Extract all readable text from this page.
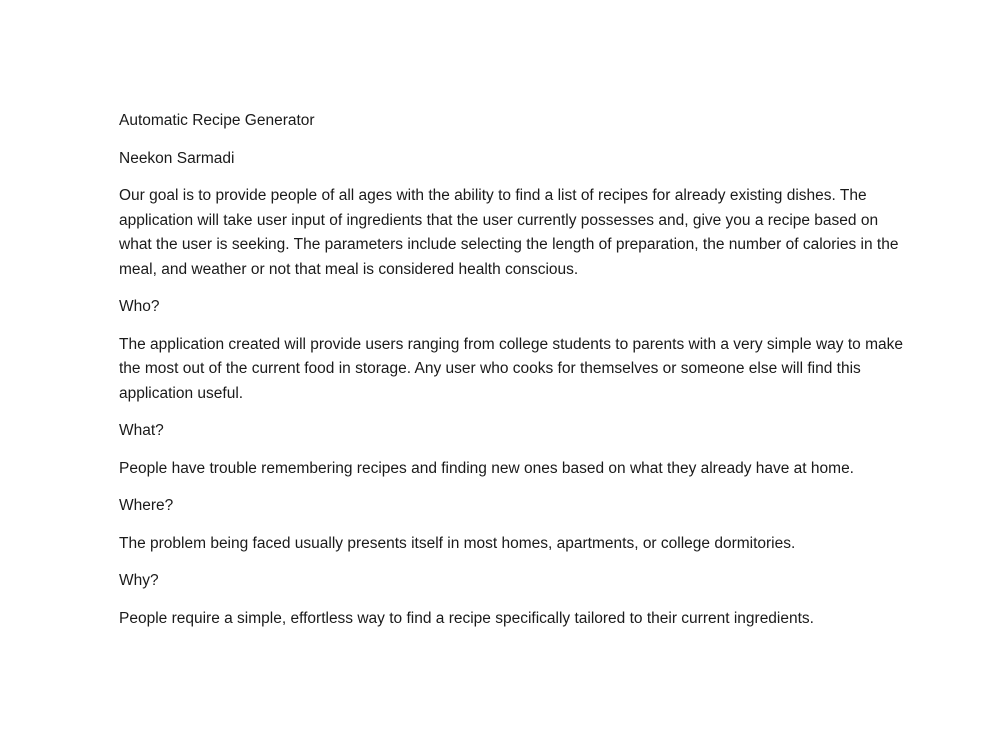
Automatic Recipe Generator

Neekon Sarmadi

Our goal is to provide people of all ages with the ability to find a list of recipes for already existing dishes. The application will take user input of ingredients that the user currently possesses and, give you a recipe based on what the user is seeking. The parameters include selecting the length of preparation, the number of calories in the meal, and weather or not that meal is considered health conscious.

Who?

The application created will provide users ranging from college students to parents with a very simple way to make the most out of the current food in storage. Any user who cooks for themselves or someone else will find this application useful.

What?

People have trouble remembering recipes and finding new ones based on what they already have at home.

Where?

The problem being faced usually presents itself in most homes, apartments, or college dormitories.

Why?

People require a simple, effortless way to find a recipe specifically tailored to their current ingredients.
